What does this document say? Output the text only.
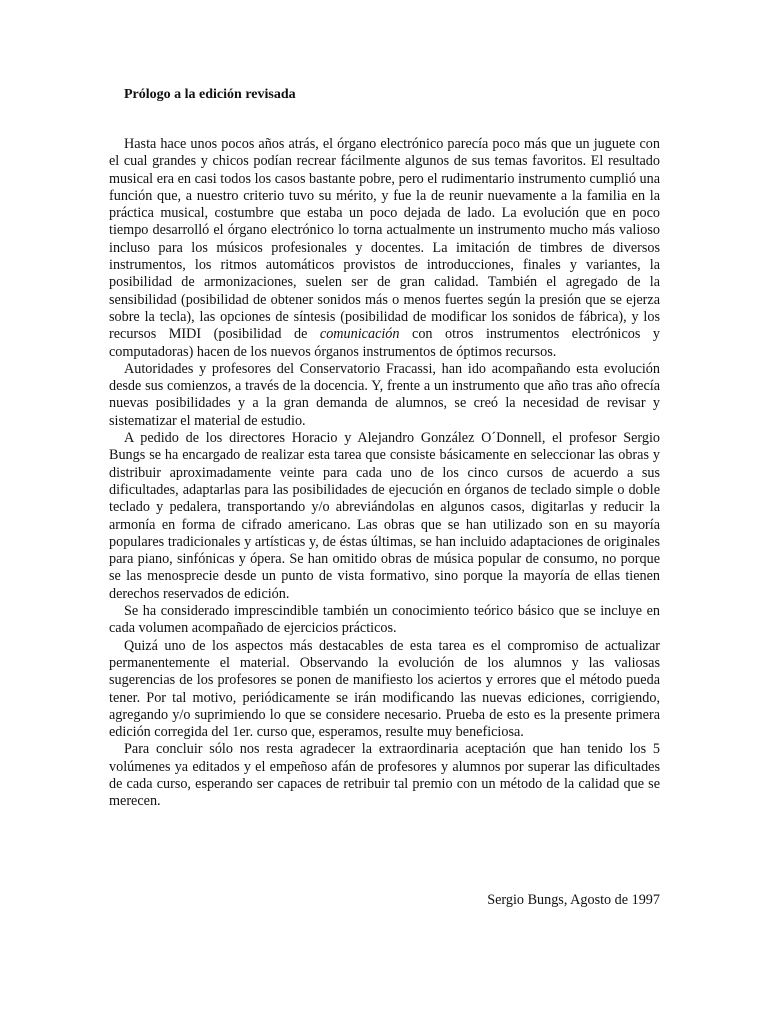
Prólogo a la edición revisada

Hasta hace unos pocos años atrás, el órgano electrónico parecía poco más que un juguete con el cual grandes y chicos podían recrear fácilmente algunos de sus temas favoritos. El resultado musical era en casi todos los casos bastante pobre, pero el rudimentario instrumento cumplió una función que, a nuestro criterio tuvo su mérito, y fue la de reunir nuevamente a la familia en la práctica musical, costumbre que estaba un poco dejada de lado. La evolución que en poco tiempo desarrolló el órgano electrónico lo torna actualmente un instrumento mucho más valioso incluso para los músicos profesionales y docentes. La imitación de timbres de diversos instrumentos, los ritmos automáticos provistos de introducciones, finales y variantes, la posibilidad de armonizaciones, suelen ser de gran calidad. También el agregado de la sensibilidad (posibilidad de obtener sonidos más o menos fuertes según la presión que se ejerza sobre la tecla), las opciones de síntesis (posibilidad de modificar los sonidos de fábrica), y los recursos MIDI (posibilidad de comunicación con otros instrumentos electrónicos y computadoras) hacen de los nuevos órganos instrumentos de óptimos recursos.

Autoridades y profesores del Conservatorio Fracassi, han ido acompañando esta evolución desde sus comienzos, a través de la docencia. Y, frente a un instrumento que año tras año ofrecía nuevas posibilidades y a la gran demanda de alumnos, se creó la necesidad de revisar y sistematizar el material de estudio.

A pedido de los directores Horacio y Alejandro González O´Donnell, el profesor Sergio Bungs se ha encargado de realizar esta tarea que consiste básicamente en seleccionar las obras y distribuir aproximadamente veinte para cada uno de los cinco cursos de acuerdo a sus dificultades, adaptarlas para las posibilidades de ejecución en órganos de teclado simple o doble teclado y pedalera, transportando y/o abreviándolas en algunos casos, digitarlas y reducir la armonía en forma de cifrado americano. Las obras que se han utilizado son en su mayoría populares tradicionales y artísticas y, de éstas últimas, se han incluido adaptaciones de originales para piano, sinfónicas y ópera. Se han omitido obras de música popular de consumo, no porque se las menosprecie desde un punto de vista formativo, sino porque la mayoría de ellas tienen derechos reservados de edición.

Se ha considerado imprescindible también un conocimiento teórico básico que se incluye en cada volumen acompañado de ejercicios prácticos.

Quizá uno de los aspectos más destacables de esta tarea es el compromiso de actualizar permanentemente el material. Observando la evolución de los alumnos y las valiosas sugerencias de los profesores se ponen de manifiesto los aciertos y errores que el método pueda tener. Por tal motivo, periódicamente se irán modificando las nuevas ediciones, corrigiendo, agregando y/o suprimiendo lo que se considere necesario. Prueba de esto es la presente primera edición corregida del 1er. curso que, esperamos, resulte muy beneficiosa.

Para concluir sólo nos resta agradecer la extraordinaria aceptación que han tenido los 5 volúmenes ya editados y el empeñoso afán de profesores y alumnos por superar las dificultades de cada curso, esperando ser capaces de retribuir tal premio con un método de la calidad que se merecen.

Sergio Bungs, Agosto de 1997
